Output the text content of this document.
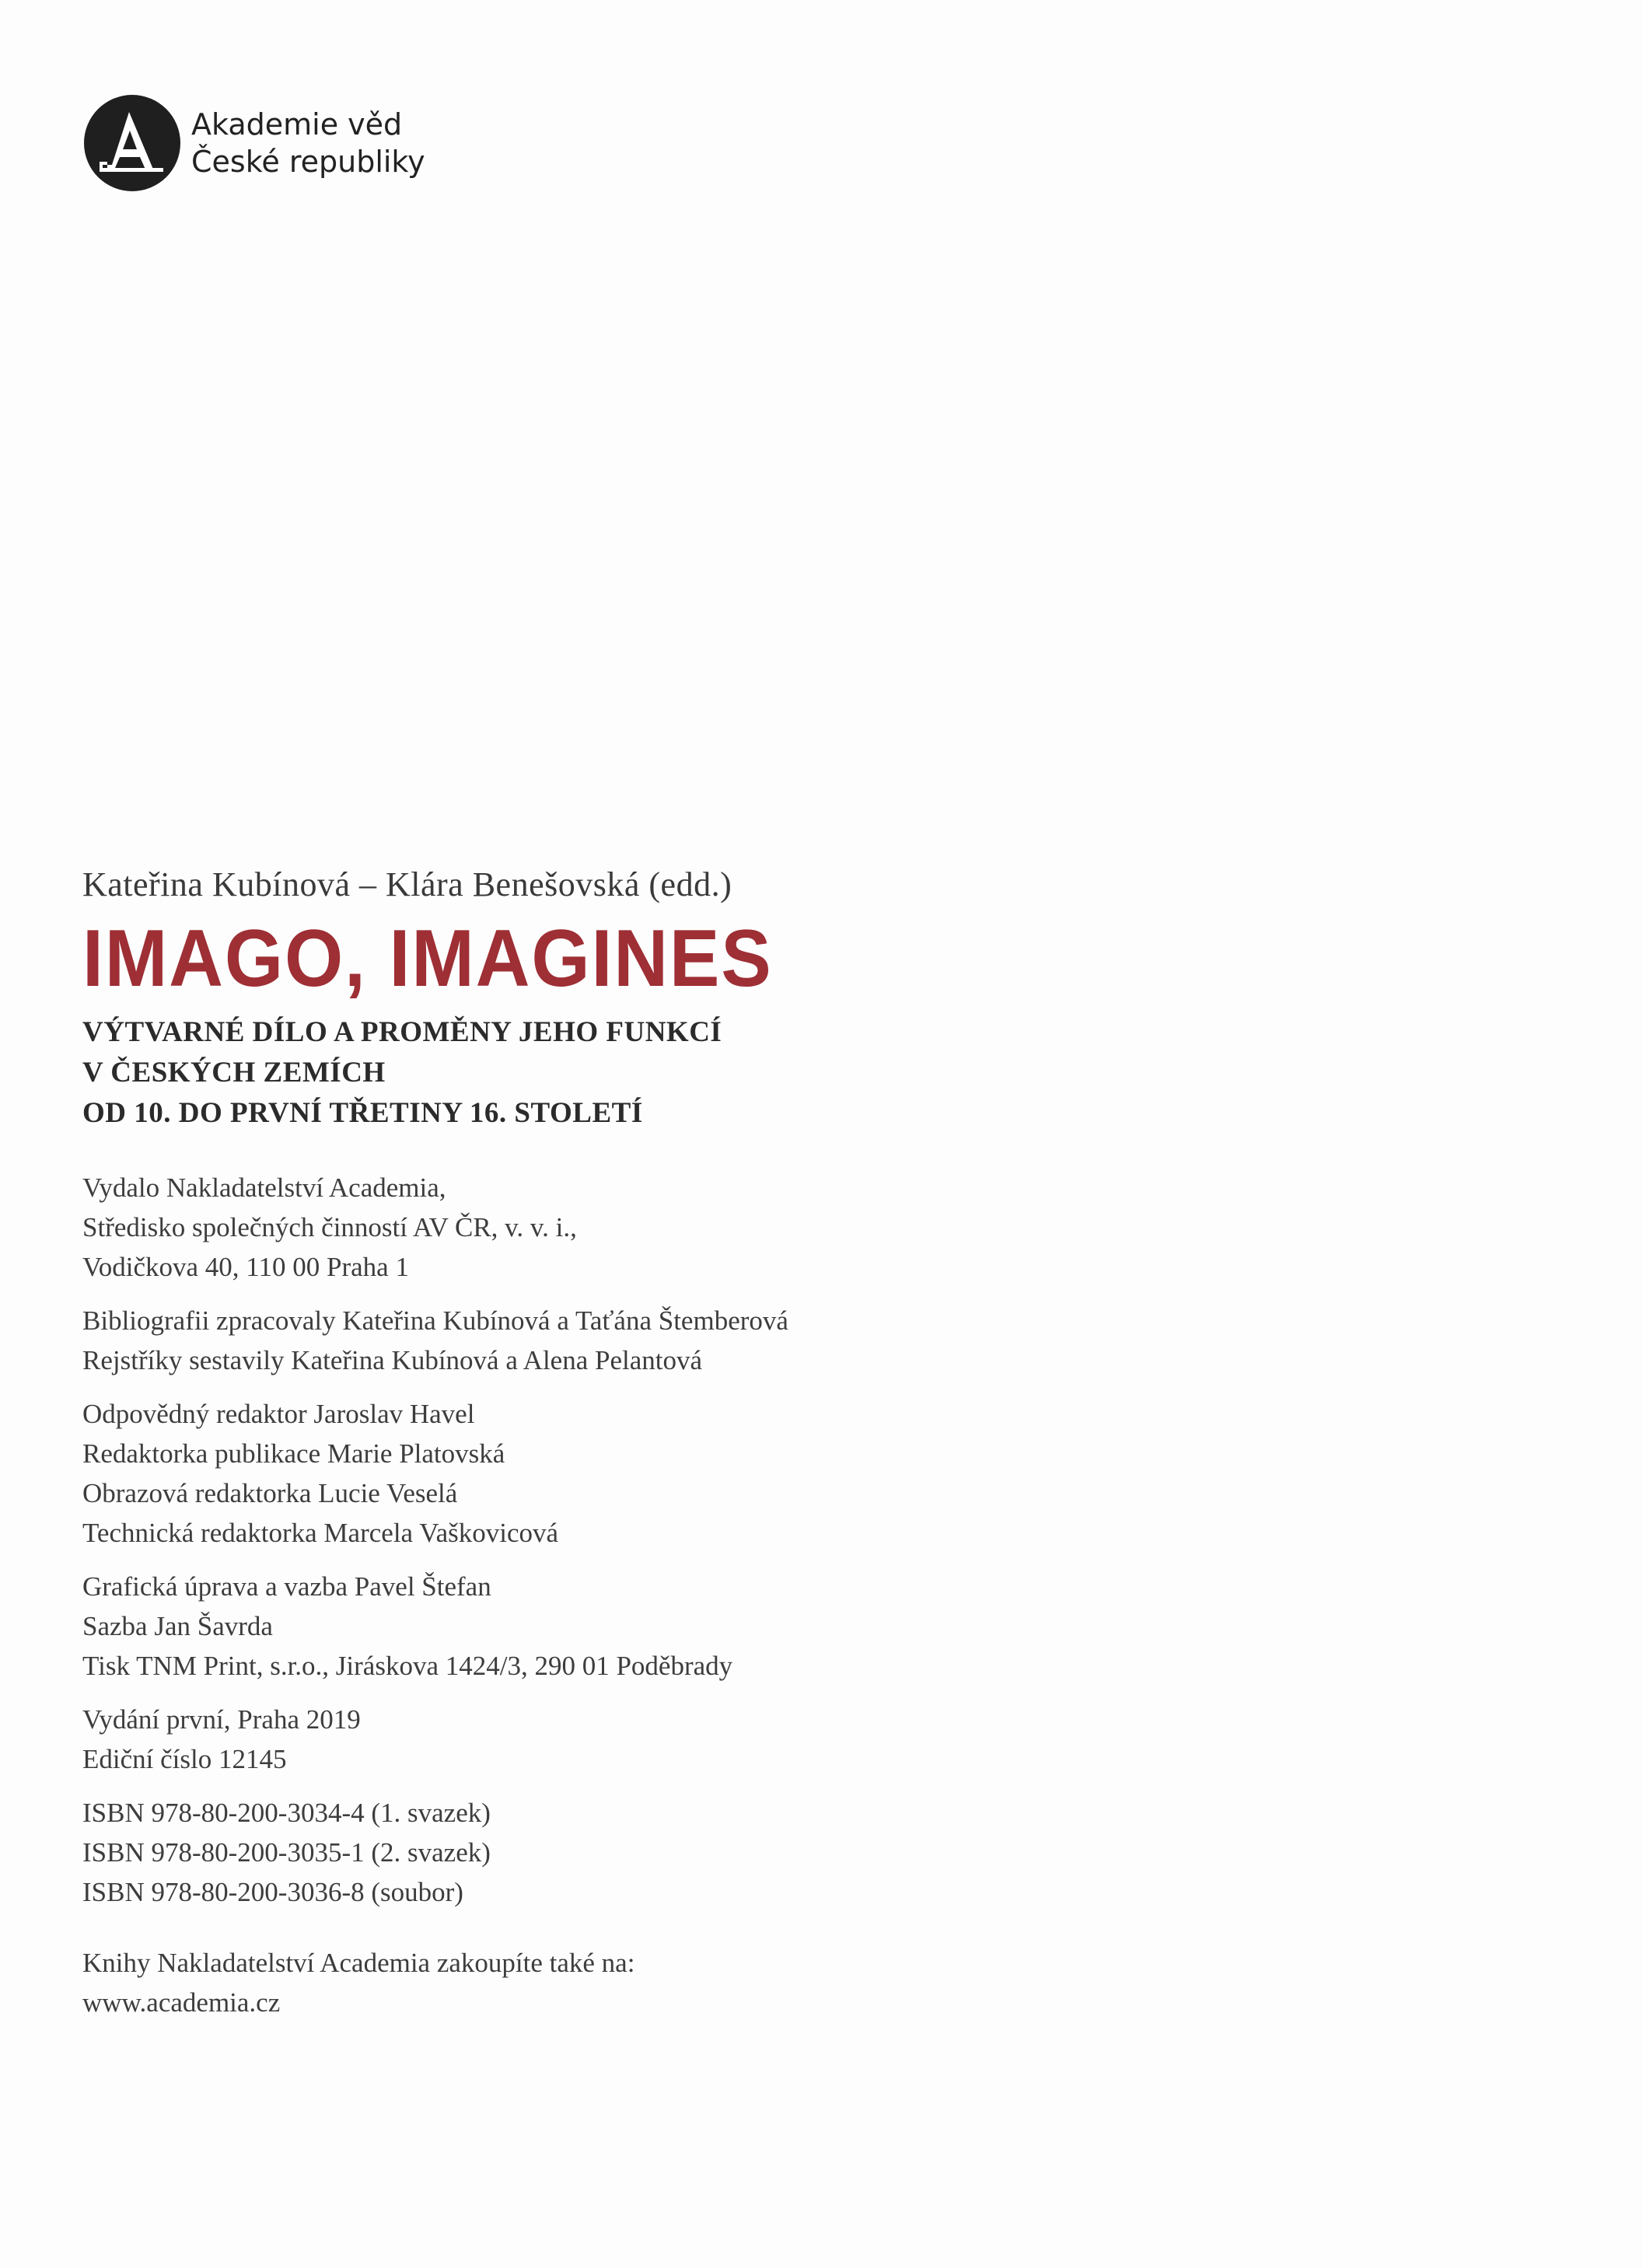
Akademie věd
České republiky
Kateřina Kubínová – Klára Benešovská (edd.)
IMAGO, IMAGINES
VÝTVARNÉ DÍLO A PROMĚNY JEHO FUNKCÍ
V ČESKÝCH ZEMÍCH
OD 10. DO PRVNÍ TŘETINY 16. STOLETÍ
Vydalo Nakladatelství Academia,
Středisko společných činností AV ČR, v. v. i.,
Vodičkova 40, 110 00 Praha 1
Bibliografii zpracovaly Kateřina Kubínová a Taťána Štemberová
Rejstříky sestavily Kateřina Kubínová a Alena Pelantová
Odpovědný redaktor Jaroslav Havel
Redaktorka publikace Marie Platovská
Obrazová redaktorka Lucie Veselá
Technická redaktorka Marcela Vaškovicová
Grafická úprava a vazba Pavel Štefan
Sazba Jan Šavrda
Tisk TNM Print, s.r.o., Jiráskova 1424/3, 290 01 Poděbrady
Vydání první, Praha 2019
Ediční číslo 12145
ISBN 978-80-200-3034-4 (1. svazek)
ISBN 978-80-200-3035-1 (2. svazek)
ISBN 978-80-200-3036-8 (soubor)
Knihy Nakladatelství Academia zakoupíte také na:
www.academia.cz
